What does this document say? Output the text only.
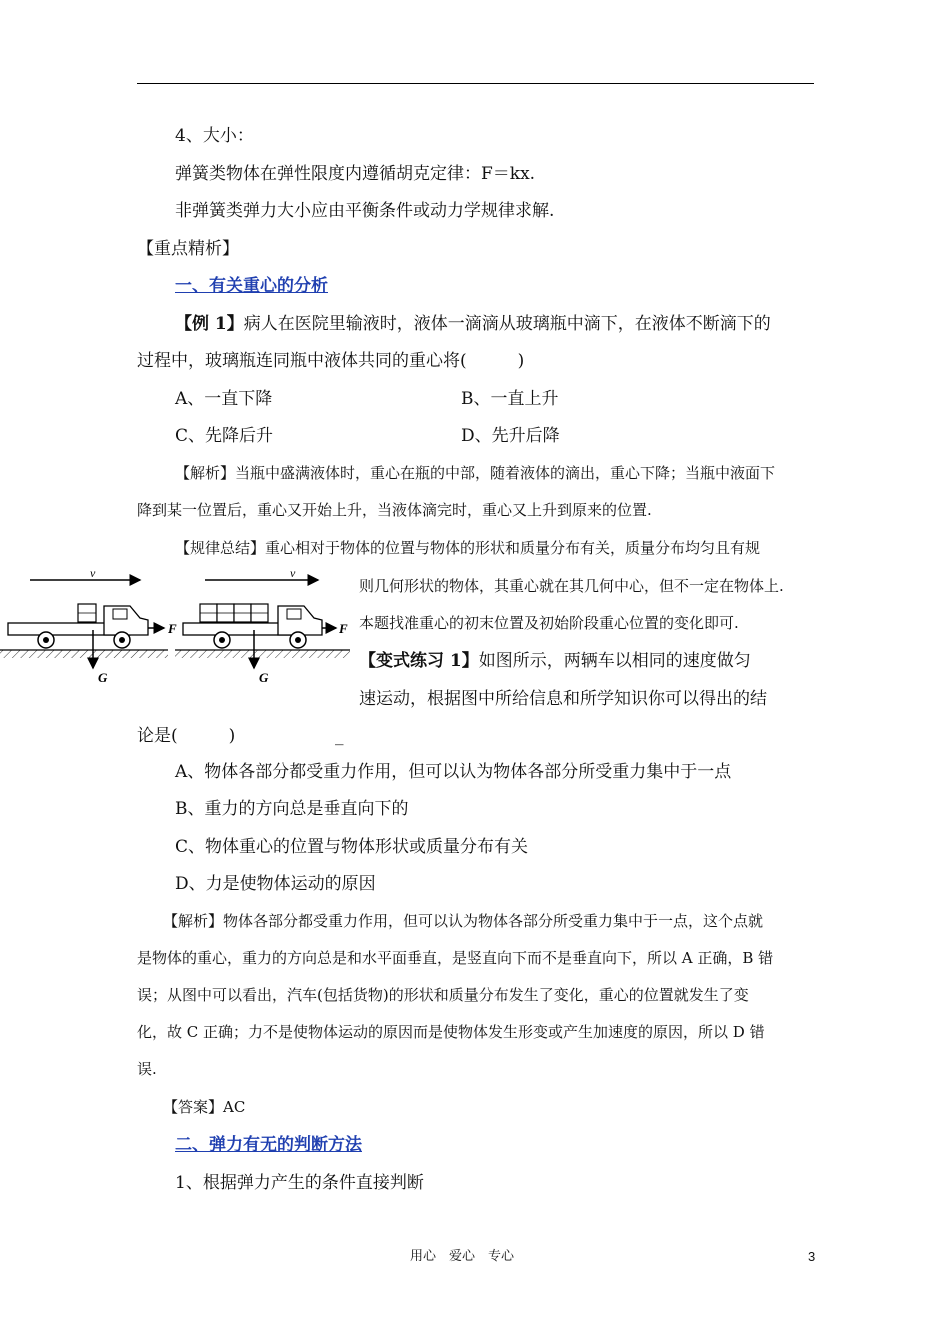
4、大小：
弹簧类物体在弹性限度内遵循胡克定律：F＝kx.
非弹簧类弹力大小应由平衡条件或动力学规律求解.
【重点精析】
一、有关重心的分析
【例 1】病人在医院里输液时，液体一滴滴从玻璃瓶中滴下，在液体不断滴下的
过程中，玻璃瓶连同瓶中液体共同的重心将(　　　)
A、一直下降	B、一直上升
C、先降后升	D、先升后降
【解析】当瓶中盛满液体时，重心在瓶的中部，随着液体的滴出，重心下降；当瓶中液面下
降到某一位置后，重心又开始上升，当液体滴完时，重心又上升到原来的位置.
【规律总结】重心相对于物体的位置与物体的形状和质量分布有关，质量分布均匀且有规
则几何形状的物体，其重心就在其几何中心，但不一定在物体上.
本题找准重心的初末位置及初始阶段重心位置的变化即可.
v
F
G
v
F
G
【变式练习 1】如图所示，两辆车以相同的速度做匀
速运动，根据图中所给信息和所学知识你可以得出的结
论是(　　　)	_
A、物体各部分都受重力作用，但可以认为物体各部分所受重力集中于一点
B、重力的方向总是垂直向下的
C、物体重心的位置与物体形状或质量分布有关
D、力是使物体运动的原因
【解析】物体各部分都受重力作用，但可以认为物体各部分所受重力集中于一点，这个点就
是物体的重心，重力的方向总是和水平面垂直，是竖直向下而不是垂直向下，所以 A 正确，B 错
误；从图中可以看出，汽车(包括货物)的形状和质量分布发生了变化，重心的位置就发生了变
化，故 C 正确；力不是使物体运动的原因而是使物体发生形变或产生加速度的原因，所以 D 错
误.
【答案】AC
二、弹力有无的判断方法
1、根据弹力产生的条件直接判断
用心　爱心　专心	3
